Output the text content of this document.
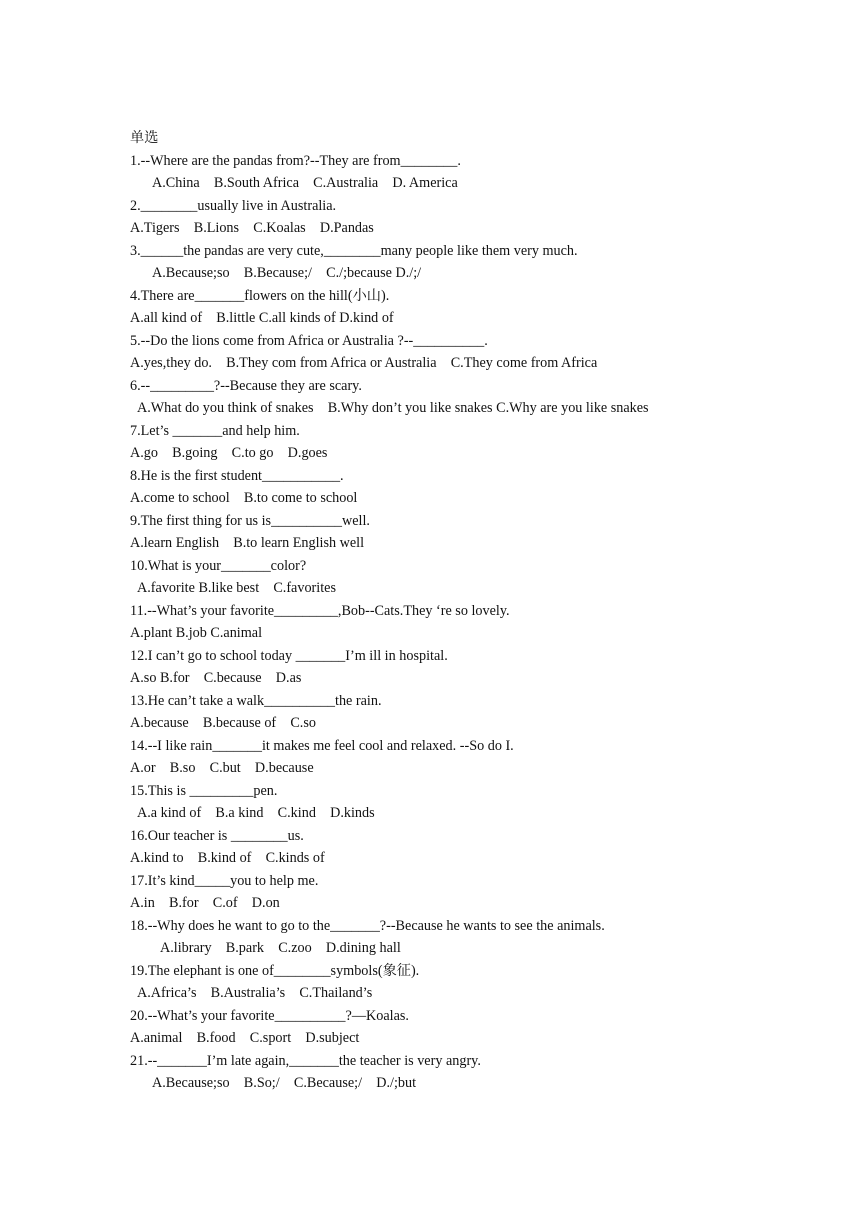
单选
1.--Where are the pandas from?--They are from________.
A.China    B.South Africa    C.Australia    D. America
2.________usually live in Australia.
A.Tigers    B.Lions    C.Koalas    D.Pandas
3.______the pandas are very cute,________many people like them very much.
A.Because;so    B.Because;/    C./;because D./;/
4.There are_______flowers on the hill(小山).
A.all kind of    B.little C.all kinds of D.kind of
5.--Do the lions come from Africa or Australia ?--__________.
A.yes,they do.    B.They com from Africa or Australia    C.They come from Africa
6.--_________?--Because they are scary.
A.What do you think of snakes    B.Why don’t you like snakes C.Why are you like snakes
7.Let’s _______and help him.
A.go    B.going    C.to go    D.goes
8.He is the first student___________.
A.come to school    B.to come to school
9.The first thing for us is__________well.
A.learn English    B.to learn English well
10.What is your_______color?
A.favorite B.like best    C.favorites
11.--What’s your favorite_________,Bob--Cats.They ‘re so lovely.
A.plant B.job C.animal
12.I can’t go to school today _______I’m ill in hospital.
A.so B.for    C.because    D.as
13.He can’t take a walk__________the rain.
A.because    B.because of    C.so
14.--I like rain_______it makes me feel cool and relaxed. --So do I.
A.or    B.so    C.but    D.because
15.This is _________pen.
A.a kind of    B.a kind    C.kind    D.kinds
16.Our teacher is ________us.
A.kind to    B.kind of    C.kinds of
17.It’s kind_____you to help me.
A.in    B.for    C.of    D.on
18.--Why does he want to go to the_______?--Because he wants to see the animals.
A.library    B.park    C.zoo    D.dining hall
19.The elephant is one of________symbols(象征).
A.Africa’s    B.Australia’s    C.Thailand’s
20.--What’s your favorite__________?—Koalas.
A.animal    B.food    C.sport    D.subject
21.--_______I’m late again,_______the teacher is very angry.
A.Because;so    B.So;/    C.Because;/    D./;but
